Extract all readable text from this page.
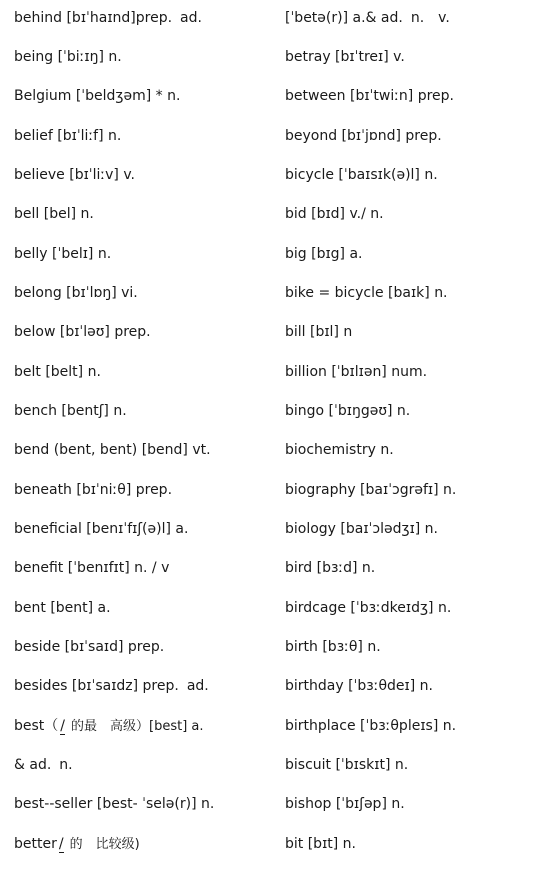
behind [bɪˈhaɪnd]prep. ad.
being [ˈbiːɪŋ] n.
Belgium [ˈbeldʒəm] * n.
belief [bɪˈliːf] n.
believe [bɪˈliːv] v.
bell [bel] n.
belly [ˈbelɪ] n.
belong [bɪˈlɒŋ] vi.
below [bɪˈləʊ] prep.
belt [belt] n.
bench [bentʃ] n.
bend (bent, bent) [bend] vt.
beneath [bɪˈniːθ] prep.
beneficial [benɪˈfɪʃ(ə)l] a.
benefit [ˈbenɪfɪt] n. / v
bent [bent] a.
beside [bɪˈsaɪd] prep.
besides [bɪˈsaɪdz] prep. ad.
best（ / 的最　高级）[best] a.
& ad. n.
best--seller [best- ˈselə(r)] n.
better / 的　比较级)
[ˈbetə(r)] a.& ad. n. v.
betray [bɪˈtreɪ] v.
between [bɪˈtwiːn] prep.
beyond [bɪˈjɒnd] prep.
bicycle [ˈbaɪsɪk(ə)l] n.
bid [bɪd] v./ n.
big [bɪg] a.
bike = bicycle [baɪk] n.
bill [bɪl] n
billion [ˈbɪlɪən] num.
bingo [ˈbɪŋgəʊ] n.
biochemistry n.
biography [baɪˈɔgrəfɪ] n.
biology [baɪˈɔlədʒɪ] n.
bird [bɜːd] n.
birdcage [ˈbɜːdkeɪdʒ] n.
birth [bɜːθ] n.
birthday [ˈbɜːθdeɪ] n.
birthplace [ˈbɜːθpleɪs] n.
biscuit [ˈbɪskɪt] n.
bishop [ˈbɪʃəp] n.
bit [bɪt] n.
